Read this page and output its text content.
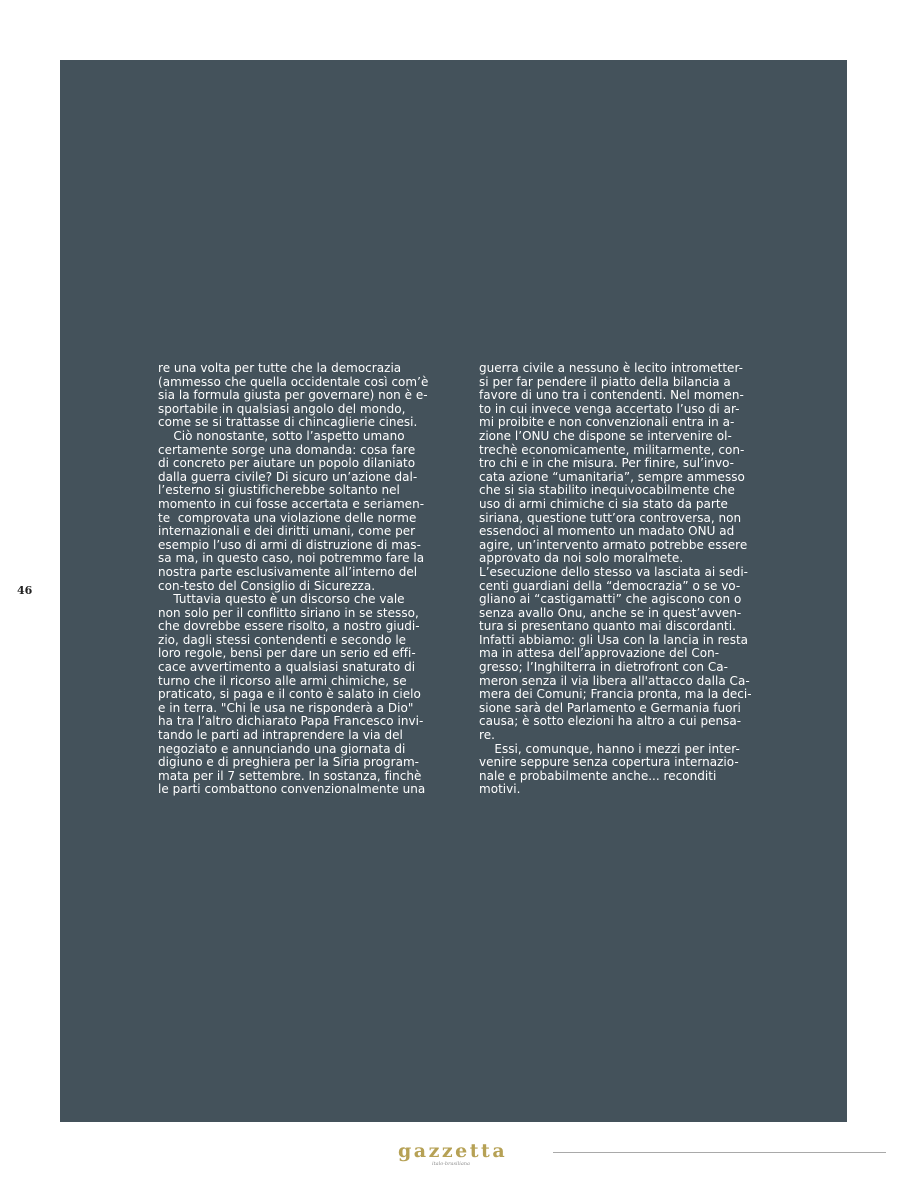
re una volta per tutte che la democrazia
(ammesso che quella occidentale così com’è
sia la formula giusta per governare) non è e-
sportabile in qualsiasi angolo del mondo,
come se si trattasse di chincaglierie cinesi.
Ciò nonostante, sotto l’aspetto umano
certamente sorge una domanda: cosa fare
di concreto per aiutare un popolo dilaniato
dalla guerra civile? Di sicuro un’azione dal-
l’esterno si giustificherebbe soltanto nel
momento in cui fosse accertata e seriamen-
te  comprovata una violazione delle norme
internazionali e dei diritti umani, come per
esempio l’uso di armi di distruzione di mas-
sa ma, in questo caso, noi potremmo fare la
nostra parte esclusivamente all’interno del
con-testo del Consiglio di Sicurezza.
Tuttavia questo è un discorso che vale
non solo per il conflitto siriano in se stesso,
che dovrebbe essere risolto, a nostro giudi-
zio, dagli stessi contendenti e secondo le
loro regole, bensì per dare un serio ed effi-
cace avvertimento a qualsiasi snaturato di
turno che il ricorso alle armi chimiche, se
praticato, si paga e il conto è salato in cielo
e in terra. "Chi le usa ne risponderà a Dio"
ha tra l’altro dichiarato Papa Francesco invi-
tando le parti ad intraprendere la via del
negoziato e annunciando una giornata di
digiuno e di preghiera per la Siria program-
mata per il 7 settembre. In sostanza, finchè
le parti combattono convenzionalmente una
guerra civile a nessuno è lecito intrometter-
si per far pendere il piatto della bilancia a
favore di uno tra i contendenti. Nel momen-
to in cui invece venga accertato l’uso di ar-
mi proibite e non convenzionali entra in a-
zione l’ONU che dispone se intervenire ol-
trechè economicamente, militarmente, con-
tro chi e in che misura. Per finire, sul’invo-
cata azione “umanitaria”, sempre ammesso
che si sia stabilito inequivocabilmente che
uso di armi chimiche ci sia stato da parte
siriana, questione tutt’ora controversa, non
essendoci al momento un madato ONU ad
agire, un’intervento armato potrebbe essere
approvato da noi solo moralmete.
L’esecuzione dello stesso va lasciata ai sedi-
centi guardiani della “democrazia” o se vo-
gliano ai “castigamatti” che agiscono con o
senza avallo Onu, anche se in quest’avven-
tura si presentano quanto mai discordanti.
Infatti abbiamo: gli Usa con la lancia in resta
ma in attesa dell’approvazione del Con-
gresso; l’Inghilterra in dietrofront con Ca-
meron senza il via libera all'attacco dalla Ca-
mera dei Comuni; Francia pronta, ma la deci-
sione sarà del Parlamento e Germania fuori
causa; è sotto elezioni ha altro a cui pensa-
re.
Essi, comunque, hanno i mezzi per inter-
venire seppure senza copertura internazio-
nale e probabilmente anche... reconditi
motivi.
46
gazzetta
italo-brasiliana
